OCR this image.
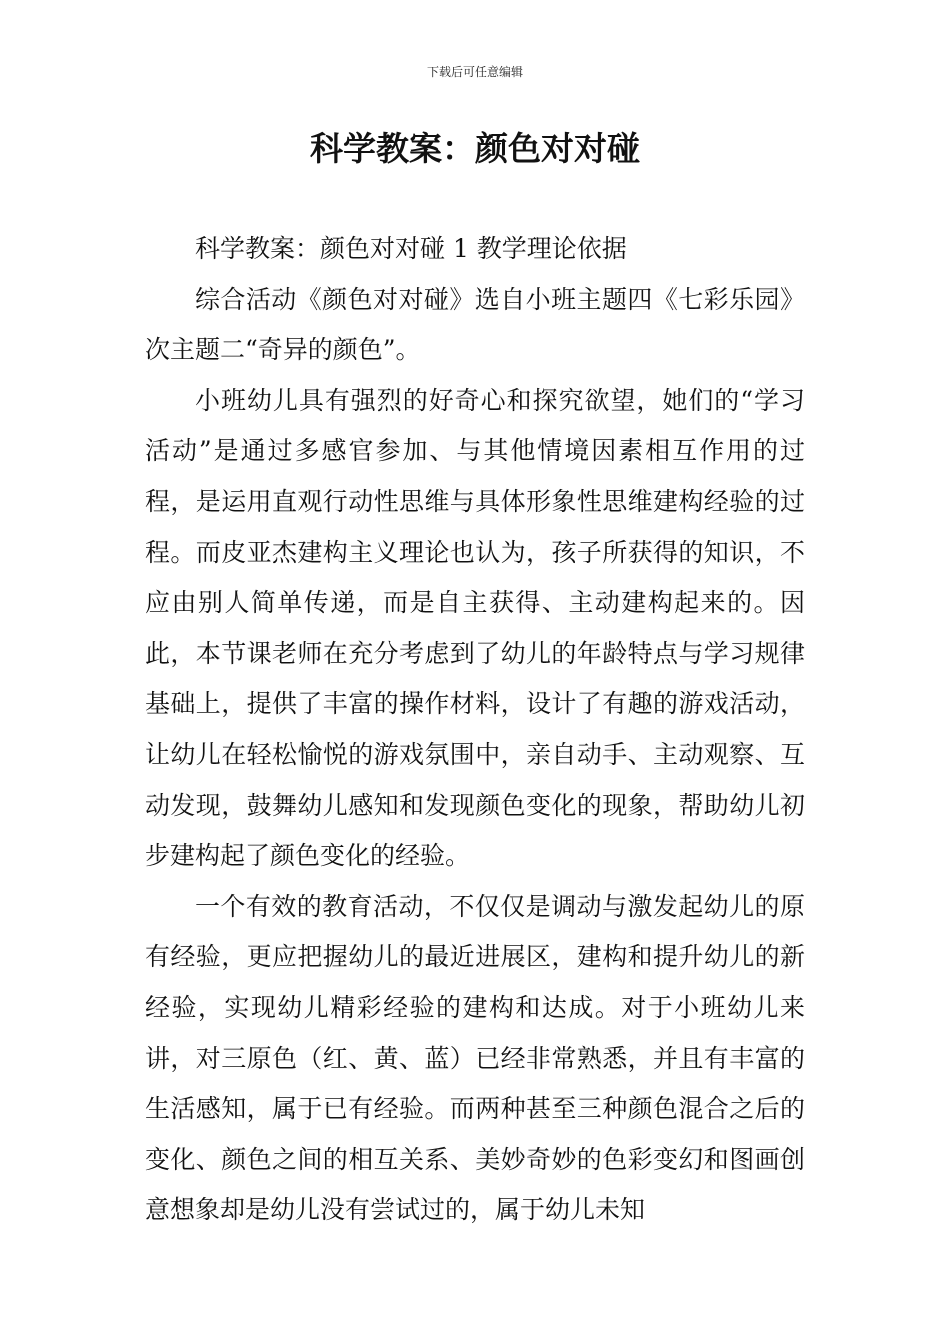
下载后可任意编辑
科学教案：颜色对对碰

科学教案：颜色对对碰 1 教学理论依据

综合活动《颜色对对碰》选自小班主题四《七彩乐园》次主题二“奇异的颜色”。

小班幼儿具有强烈的好奇心和探究欲望，她们的“学习活动”是通过多感官参加、与其他情境因素相互作用的过程，是运用直观行动性思维与具体形象性思维建构经验的过程。而皮亚杰建构主义理论也认为，孩子所获得的知识，不应由别人简单传递，而是自主获得、主动建构起来的。因此，本节课老师在充分考虑到了幼儿的年龄特点与学习规律基础上，提供了丰富的操作材料，设计了有趣的游戏活动，让幼儿在轻松愉悦的游戏氛围中，亲自动手、主动观察、互动发现，鼓舞幼儿感知和发现颜色变化的现象，帮助幼儿初步建构起了颜色变化的经验。

一个有效的教育活动，不仅仅是调动与激发起幼儿的原有经验，更应把握幼儿的最近进展区，建构和提升幼儿的新经验，实现幼儿精彩经验的建构和达成。对于小班幼儿来讲，对三原色（红、黄、蓝）已经非常熟悉，并且有丰富的生活感知，属于已有经验。而两种甚至三种颜色混合之后的变化、颜色之间的相互关系、美妙奇妙的色彩变幻和图画创意想象却是幼儿没有尝试过的，属于幼儿未知
